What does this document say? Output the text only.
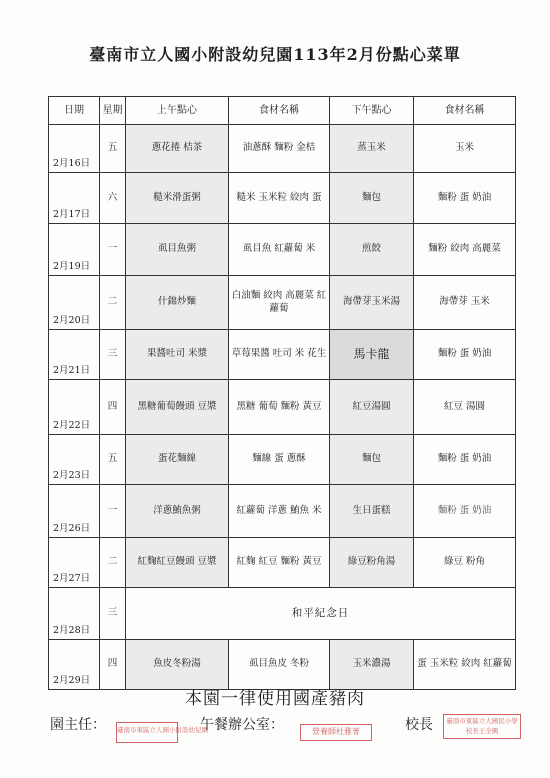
臺南市立人國小附設幼兒園113年2月份點心菜單
日期	星期	上午點心	食材名稱	下午點心	食材名稱
2月16日	五	蔥花捲 桔茶	油蔥酥 麵粉 金桔	蒸玉米	玉米
2月17日	六	糙米滑蛋粥	糙米 玉米粒 絞肉 蛋	麵包	麵粉 蛋 奶油
2月19日	一	虱目魚粥	虱目魚 紅蘿蔔 米	煎餃	麵粉 絞肉 高麗菜
2月20日	二	什錦炒麵	白油麵 絞肉 高麗菜 紅蘿蔔	海帶芽玉米湯	海帶芽 玉米
2月21日	三	果醬吐司 米漿	草莓果醬 吐司 米 花生	馬卡龍	麵粉 蛋 奶油
2月22日	四	黑糖葡萄饅頭 豆漿	黑糖 葡萄 麵粉 黃豆	紅豆湯圓	紅豆 湯圓
2月23日	五	蛋花麵線	麵線 蛋 蔥酥	麵包	麵粉 蛋 奶油
2月26日	一	洋蔥鮪魚粥	紅蘿蔔 洋蔥 鮪魚 米	生日蛋糕	麵粉 蛋 奶油
2月27日	二	紅麴紅豆饅頭 豆漿	紅麴 紅豆 麵粉 黃豆	綠豆粉角湯	綠豆 粉角
2月28日	三	和平紀念日			
2月29日	四	魚皮冬粉湯	虱目魚皮 冬粉	玉米濃湯	蛋 玉米粒 絞肉 紅蘿蔔
本園一律使用國產豬肉
園主任： 臺南市東區立人國小附設幼兒園
午餐辦公室：	營養師杜雅菁	校長	臺南市東區立人國民小學校長王全興
